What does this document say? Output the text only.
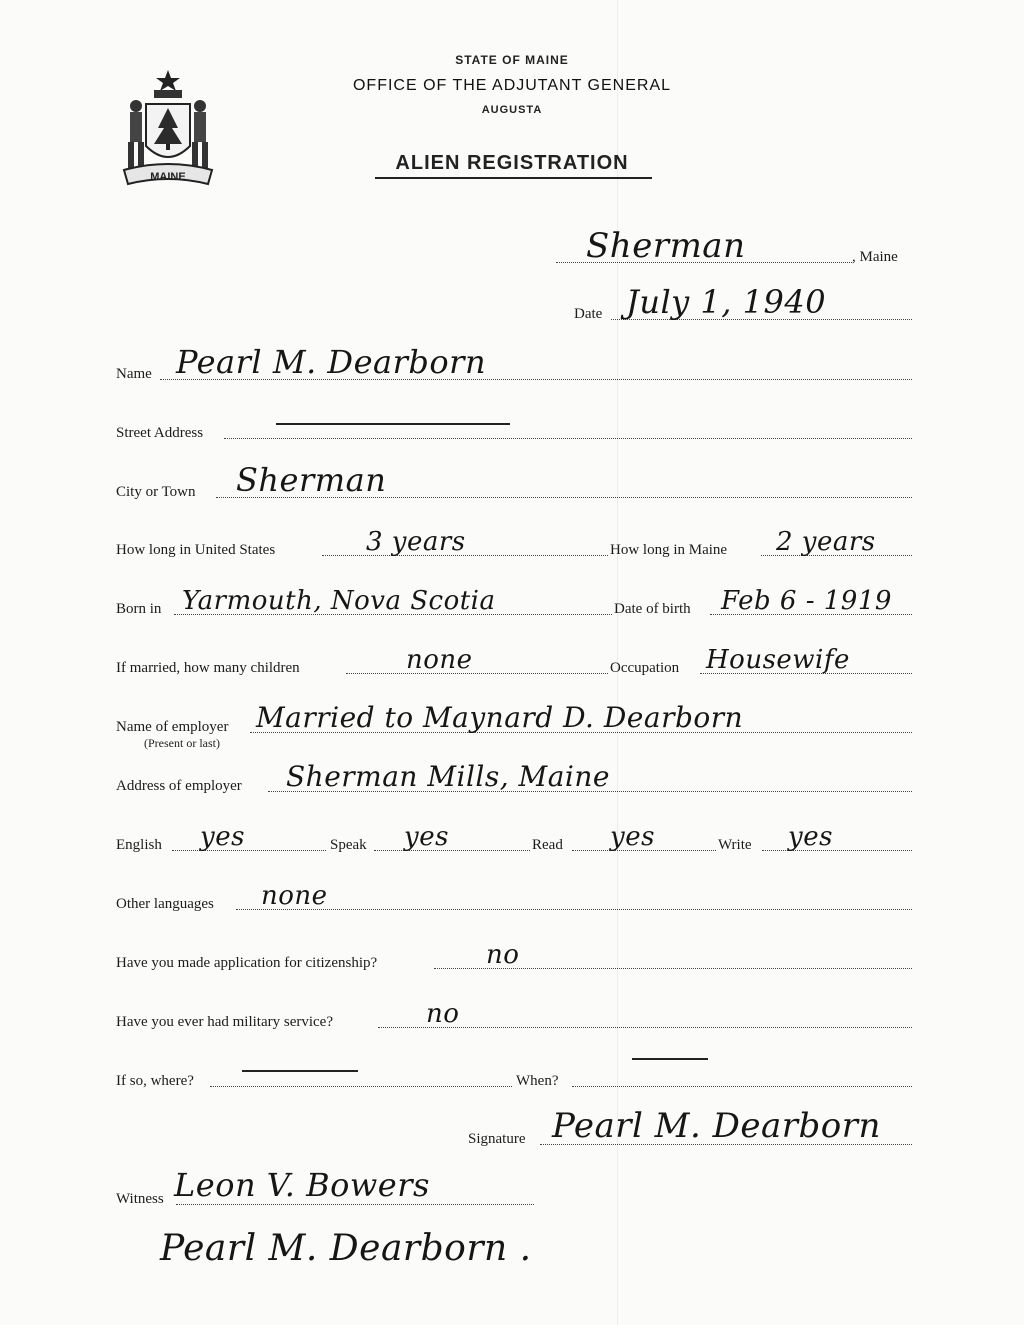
STATE OF MAINE
OFFICE OF THE ADJUTANT GENERAL
AUGUSTA
ALIEN REGISTRATION
MAINE
Sherman	, Maine
Date July 1, 1940
Name Pearl M. Dearborn
Street Address
City or Town Sherman
How long in United States	3 years	How long in Maine 2 years
Born in Yarmouth, Nova Scotia	Date of birth Feb 6 - 1919
If married, how many children	none	Occupation Housewife
Name of employer Married to Maynard D. Dearborn
(Present or last)
Address of employer Sherman Mills, Maine
English yes	Speak yes	Read yes	Write yes
Other languages none
Have you made application for citizenship?	no
Have you ever had military service?	no
If so, where?	When?
Signature Pearl M. Dearborn
Witness Leon V. Bowers
Pearl M. Dearborn .
